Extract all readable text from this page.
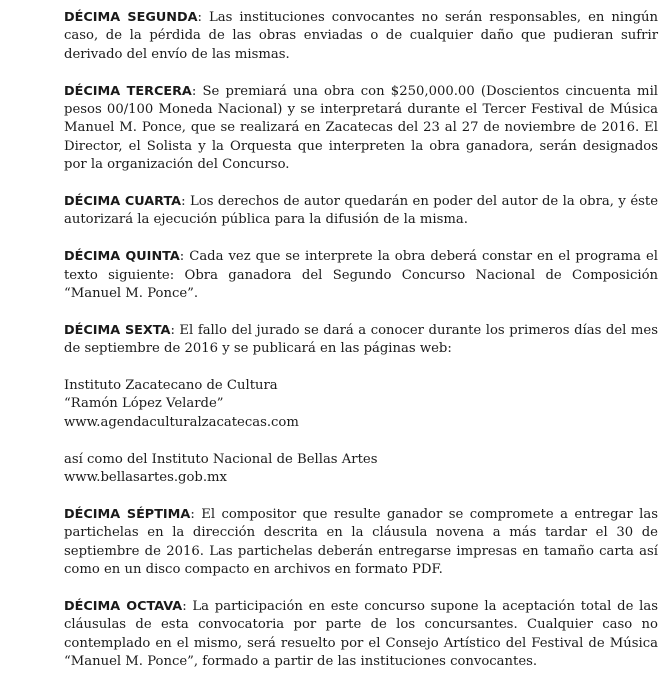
DÉCIMA SEGUNDA: Las instituciones convocantes no serán responsables, en ningún caso, de la pérdida de las obras enviadas o de cualquier daño que pudieran sufrir derivado del envío de las mismas.

DÉCIMA TERCERA: Se premiará una obra con $250,000.00 (Doscientos cincuenta mil pesos 00/100 Moneda Nacional) y se interpretará durante el Tercer Festival de Música Manuel M. Ponce, que se realizará en Zacatecas del 23 al 27 de noviembre de 2016. El Director, el Solista y la Orquesta que interpreten la obra ganadora, serán designados por la organización del Concurso.

DÉCIMA CUARTA: Los derechos de autor quedarán en poder del autor de la obra, y éste autorizará la ejecución pública para la difusión de la misma.

DÉCIMA QUINTA: Cada vez que se interprete la obra deberá constar en el programa el texto siguiente: Obra ganadora del Segundo Concurso Nacional de Composición “Manuel M. Ponce”.

DÉCIMA SEXTA: El fallo del jurado se dará a conocer durante los primeros días del mes de septiembre de 2016 y se publicará en las páginas web:

Instituto Zacatecano de Cultura
“Ramón López Velarde”
www.agendaculturalzacatecas.com

así como del Instituto Nacional de Bellas Artes
www.bellasartes.gob.mx

DÉCIMA SÉPTIMA: El compositor que resulte ganador se compromete a entregar las partichelas en la dirección descrita en la cláusula novena a más tardar el 30 de septiembre de 2016. Las partichelas deberán entregarse impresas en tamaño carta así como en un disco compacto en archivos en formato PDF.

DÉCIMA OCTAVA: La participación en este concurso supone la aceptación total de las cláusulas de esta convocatoria por parte de los concursantes. Cualquier caso no contemplado en el mismo, será resuelto por el Consejo Artístico del Festival de Música “Manuel M. Ponce”, formado a partir de las instituciones convocantes.
